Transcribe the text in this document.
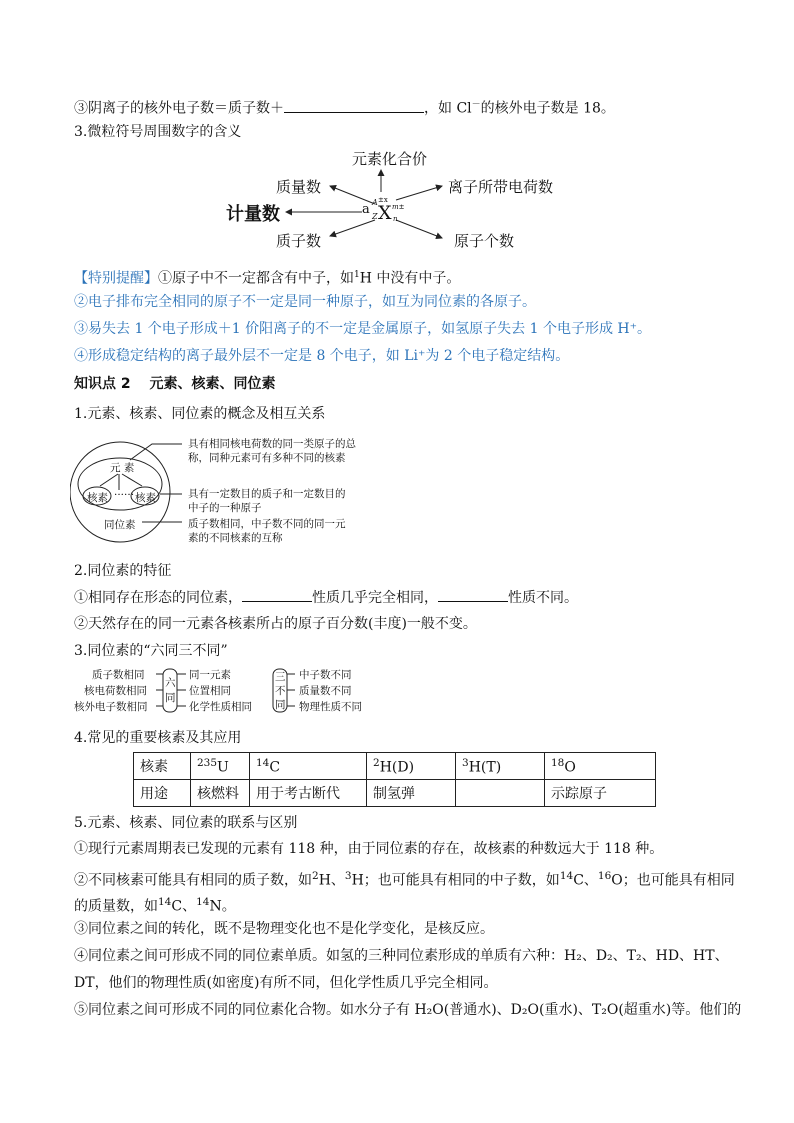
③阴离子的核外电子数＝质子数＋	，如 Cl－的核外电子数是 18。
3.微粒符号周围数字的含义
元素化合价
质量数	离子所带电荷数
计量数
质子数	原子个数
a A
Z
±x
X m±
n
【特别提醒】①原子中不一定都含有中子，如$^1$H 中没有中子。
②电子排布完全相同的原子不一定是同一种原子，如互为同位素的各原子。
③易失去 1 个电子形成＋1 价阳离子的不一定是金属原子，如氢原子失去 1 个电子形成 H⁺。
④形成稳定结构的离子最外层不一定是 8 个电子，如 Li⁺为 2 个电子稳定结构。
知识点 2　 元素、核素、同位素
1.元素、核素、同位素的概念及相互关系
元 素
核素 ······ 核素
同位素
具有相同核电荷数的同一类原子的总
称，同种元素可有多种不同的核素
具有一定数目的质子和一定数目的
中子的一种原子
质子数相同，中子数不同的同一元
素的不同核素的互称
2.同位素的特征
①相同存在形态的同位素，	性质几乎完全相同，	性质不同。
②天然存在的同一元素各核素所占的原子百分数(丰度)一般不变。
3.同位素的“六同三不同”
质子数相同
核电荷数相同
核外电子数相同
六
同
同一元素
位置相同
化学性质相同
三
不
同
中子数不同
质量数不同
物理性质不同
4.常见的重要核素及其应用
核素	$^{235}$U	$^{14}$C	$^2$H(D)	$^3$H(T)	$^{18}$O
用途	核燃料	用于考古断代	制氢弹		示踪原子
5.元素、核素、同位素的联系与区别
①现行元素周期表已发现的元素有 118 种，由于同位素的存在，故核素的种数远大于 118 种。
②不同核素可能具有相同的质子数，如$^2$H、$^3$H；也可能具有相同的中子数，如$^{14}$C、$^{16}$O；也可能具有相同
的质量数，如$^{14}$C、$^{14}$N。
③同位素之间的转化，既不是物理变化也不是化学变化，是核反应。
④同位素之间可形成不同的同位素单质。如氢的三种同位素形成的单质有六种：H₂、D₂、T₂、HD、HT、
DT，他们的物理性质(如密度)有所不同，但化学性质几乎完全相同。
⑤同位素之间可形成不同的同位素化合物。如水分子有 H₂O(普通水)、D₂O(重水)、T₂O(超重水)等。他们的
